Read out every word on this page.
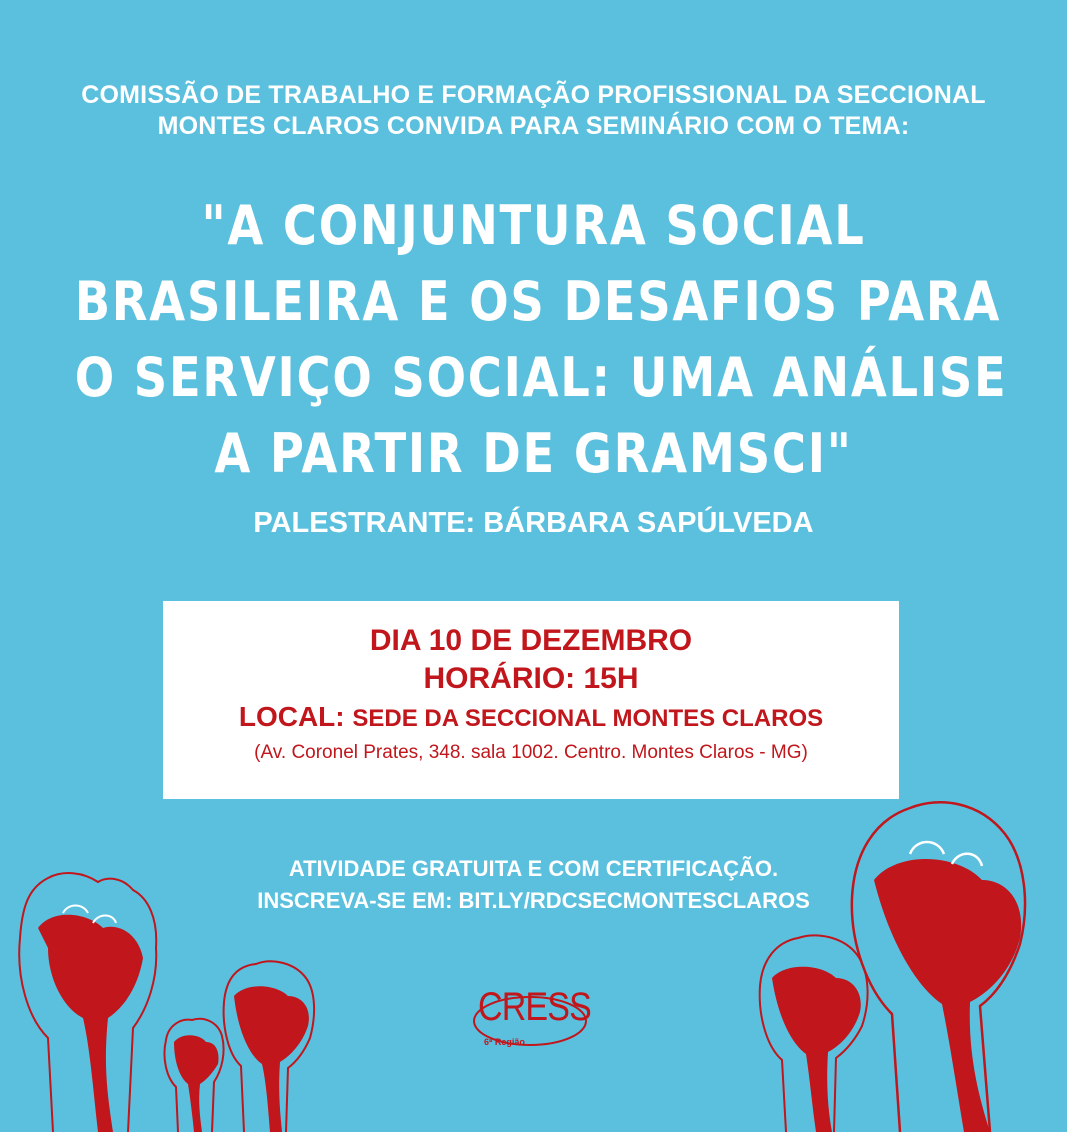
COMISSÃO DE TRABALHO E FORMAÇÃO PROFISSIONAL DA SECCIONAL
MONTES CLAROS CONVIDA PARA SEMINÁRIO COM O TEMA:
"A CONJUNTURA SOCIAL
BRASILEIRA E OS DESAFIOS PARA
O SERVIÇO SOCIAL: UMA ANÁLISE
A PARTIR DE GRAMSCI"
PALESTRANTE: BÁRBARA SAPÚLVEDA
DIA 10 DE DEZEMBRO
HORÁRIO: 15H
LOCAL: SEDE DA SECCIONAL MONTES CLAROS
(Av. Coronel Prates, 348. sala 1002. Centro. Montes Claros - MG)
ATIVIDADE GRATUITA E COM CERTIFICAÇÃO.
INSCREVA-SE EM: BIT.LY/RDCSECMONTESCLAROS
CRESS
6ª Região
